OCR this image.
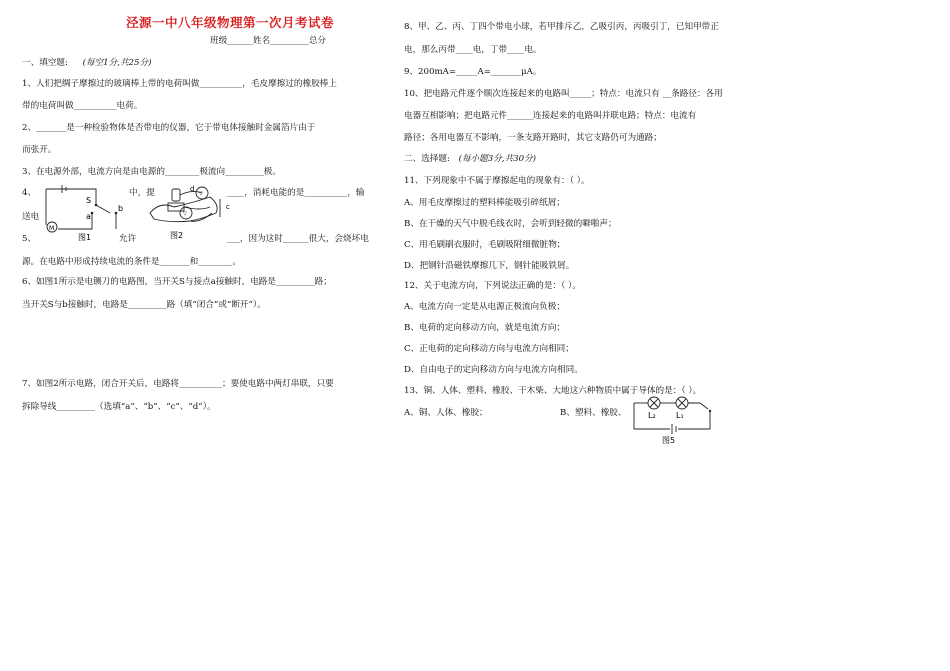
泾源一中八年级物理第一次月考试卷
班级______姓名_________总分
一、填空题: (每空1分,共25分)
1、人们把绸子摩擦过的玻璃棒上带的电荷叫做__________，毛皮摩擦过的橡胶棒上
带的电荷叫做__________电荷。
2、_______是一种检验物体是否带电的仪器，它于带电体接触时金属箔片由于
而张开。
3、在电源外部，电流方向是由电源的________极流向_________极。
4、	中，提	____，消耗电能的是__________，输
送电
5、	允许	___，因为这时______很大，会烧坏电
源。在电路中形成持续电流的条件是_______和________。
6、如图1所示是电铡刀的电路图，当开关S与接点a接触时，电路是_________路；
当开关S与b接触时，电路是_________路（填“闭合”或“断开”）。
7、如图2所示电路，闭合开关后，电路将__________；要使电路中两灯串联，只要
拆除导线_________（选填“a”、“b”、“c”、“d”）。
S
a
b
M
图1
▽
▽
d
c
图2
8、甲、乙、丙、丁四个带电小球，若甲排斥乙，乙吸引丙，丙吸引丁，已知甲带正
电，那么丙带____电，丁带____电。
9、200mA=_____A=_______μA。
10、把电路元件逐个顺次连接起来的电路叫_____；特点：电流只有 __条路径：各用
电器互相影响；把电路元件______连接起来的电路叫并联电路；特点：电流有
路径；各用电器互不影响，一条支路开路时，其它支路仍可为通路；
二、选择题: (每小题3分,共30分)
11、下列现象中不属于摩擦起电的现象有：（ ）。
A、用毛皮摩擦过的塑料棒能吸引碎纸屑；
B、在干燥的天气中脱毛线衣时，会听到轻微的噼啪声；
C、用毛刷刷衣服时，毛刷吸附细微脏物；
D、把钢针沿磁铁摩擦几下，钢针能吸铁屑。
12、关于电流方向，下列说法正确的是：（ ）。
A、电流方向一定是从电源正极流向负极；
B、电荷的定向移动方向，就是电流方向；
C、正电荷的定向移动方向与电流方向相同；
D、自由电子的定向移动方向与电流方向相同。
13、铜、人体、塑料、橡胶、干木柴、大地这六种物质中属于导体的是：（ ）。
A、铜、人体、橡胶；	B、塑料、橡胶、	L₂	L₁
图5
